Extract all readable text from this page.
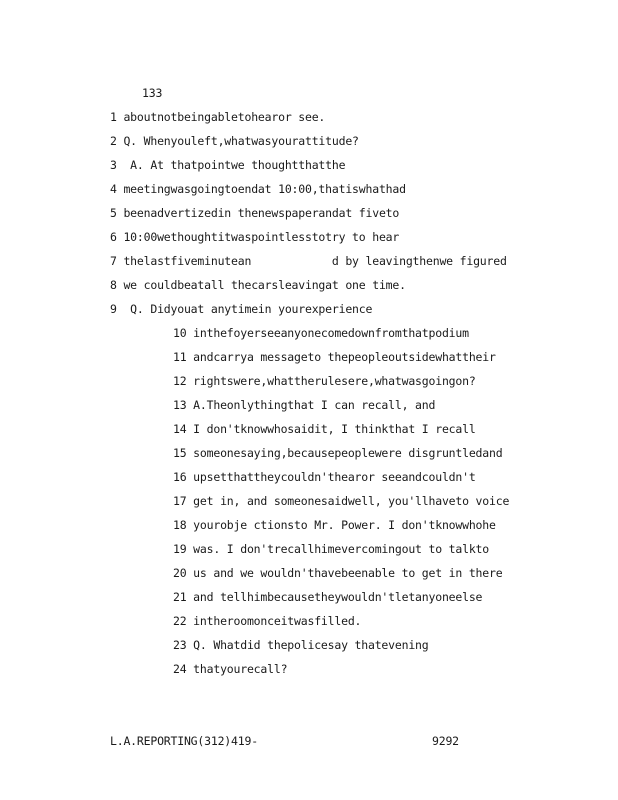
133
1 aboutnotbeingabletohearor see.
2 Q. Whenyouleft,whatwasyourattitude?
3  A. At thatpointwe thoughtthatthe
4 meetingwasgoingtoendat 10:00,thatiswhathad
5 beenadvertizedin thenewspaperandat fiveto
6 10:00wethoughtitwaspointlesstotry to hear
7 thelastfiveminutean            d by leavingthenwe figured
8 we couldbeatall thecarsleavingat one time.
9  Q. Didyouat anytimein yourexperience
10 inthefoyerseeanyonecomedownfromthatpodium
11 andcarrya messageto thepeopleoutsidewhattheir
12 rightswere,whattherulesere,whatwasgoingon?
13 A.Theonlythingthat I can recall, and
14 I don'tknowwhosaidit, I thinkthat I recall
15 someonesaying,becausepeoplewere disgruntledand
16 upsetthattheycouldn'thearor seeandcouldn't
17 get in, and someonesaidwell, you'llhaveto voice
18 yourobje ctionsto Mr. Power. I don'tknowwhohe
19 was. I don'trecallhimevercomingout to talkto
20 us and we wouldn'thavebeenable to get in there
21 and tellhimbecausetheywouldn'tletanyoneelse
22 intheroomonceitwasfilled.
23 Q. Whatdid thepolicesay thatevening
24 thatyourecall?
L.A.REPORTING(312)419-	9292
